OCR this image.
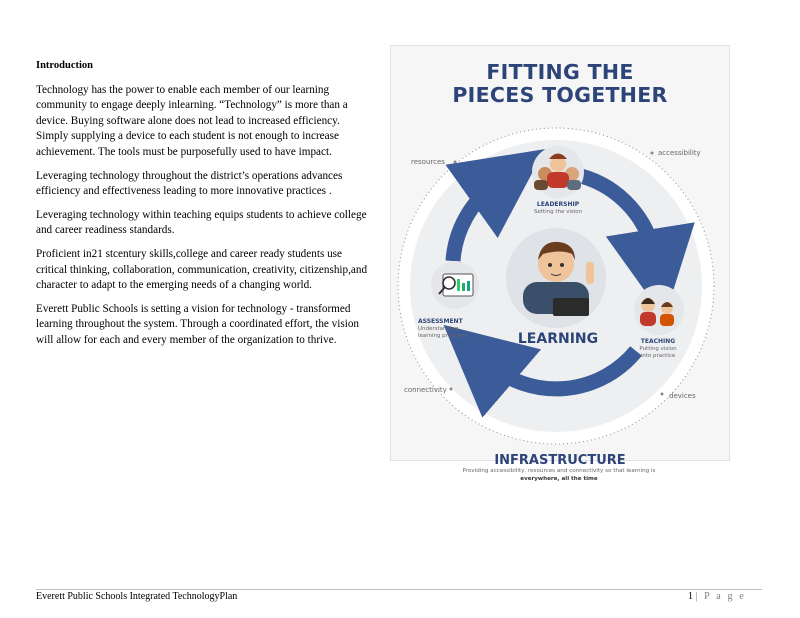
Introduction

Technology has the power to enable each member of our learning community to engage deeply inlearning. “Technology” is more than a device. Buying software alone does not lead to increased efficiency. Simply supplying a device to each student is not enough to increase achievement. The tools must be purposefully used to have impact.

Leveraging technology throughout the district’s operations advances efficiency and effectiveness leading to more innovative practices .

Leveraging technology within teaching equips students to achieve college and career readiness standards.

Proficient in21 stcentury skills,college and career ready students use critical thinking, collaboration, communication, creativity, citizenship,and character to adapt to the emerging needs of a changing world.

Everett Public Schools is setting a vision for technology - transformed learning throughout the system. Through a coordinated effort, the vision will allow for each and every member of the organization to thrive.

FITTING THE
PIECES TOGETHER
resources
accessibility
connectivity
devices
LEADERSHIP
Setting the vision
TEACHING
Putting vision
into practice
ASSESSMENT
Understanding
learning progress	LEARNING
INFRASTRUCTURE
Providing accessibility, resources and connectivity so that learning is
everywhere, all the time
Everett Public Schools Integrated TechnologyPlan	1| P a g e
